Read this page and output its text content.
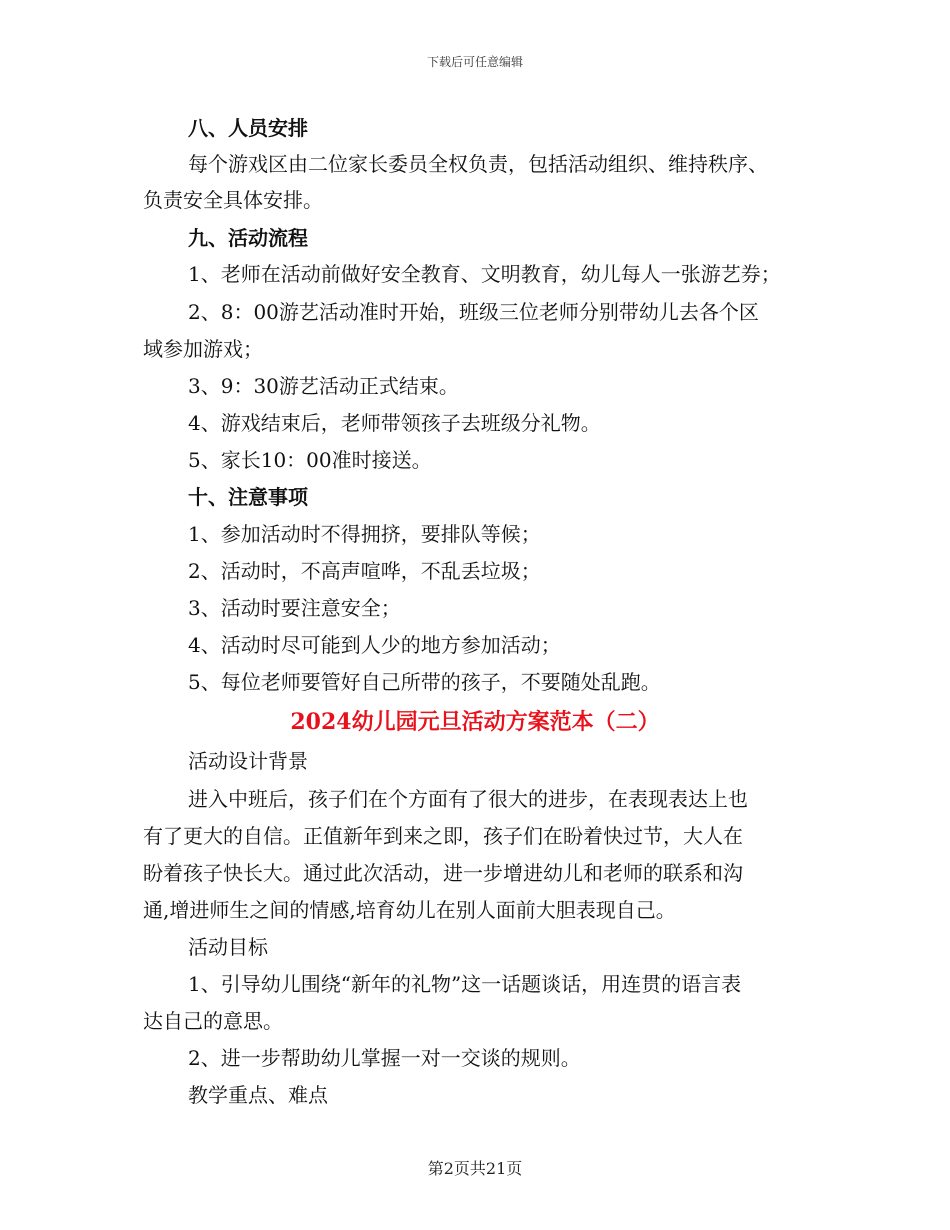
下载后可任意编辑
八、人员安排
每个游戏区由二位家长委员全权负责，包括活动组织、维持秩序、
负责安全具体安排。
九、活动流程
1、老师在活动前做好安全教育、文明教育，幼儿每人一张游艺券；
2、8：00游艺活动准时开始，班级三位老师分别带幼儿去各个区
域参加游戏；
3、9：30游艺活动正式结束。
4、游戏结束后，老师带领孩子去班级分礼物。
5、家长10：00准时接送。
十、注意事项
1、参加活动时不得拥挤，要排队等候；
2、活动时，不高声喧哗，不乱丢垃圾；
3、活动时要注意安全；
4、活动时尽可能到人少的地方参加活动；
5、每位老师要管好自己所带的孩子，不要随处乱跑。
2024幼儿园元旦活动方案范本（二）
活动设计背景
进入中班后，孩子们在个方面有了很大的进步，在表现表达上也
有了更大的自信。正值新年到来之即，孩子们在盼着快过节，大人在
盼着孩子快长大。通过此次活动，进一步增进幼儿和老师的联系和沟
通,增进师生之间的情感,培育幼儿在别人面前大胆表现自己。
活动目标
1、引导幼儿围绕“新年的礼物”这一话题谈话，用连贯的语言表
达自己的意思。
2、进一步帮助幼儿掌握一对一交谈的规则。
教学重点、难点
第2页共21页
